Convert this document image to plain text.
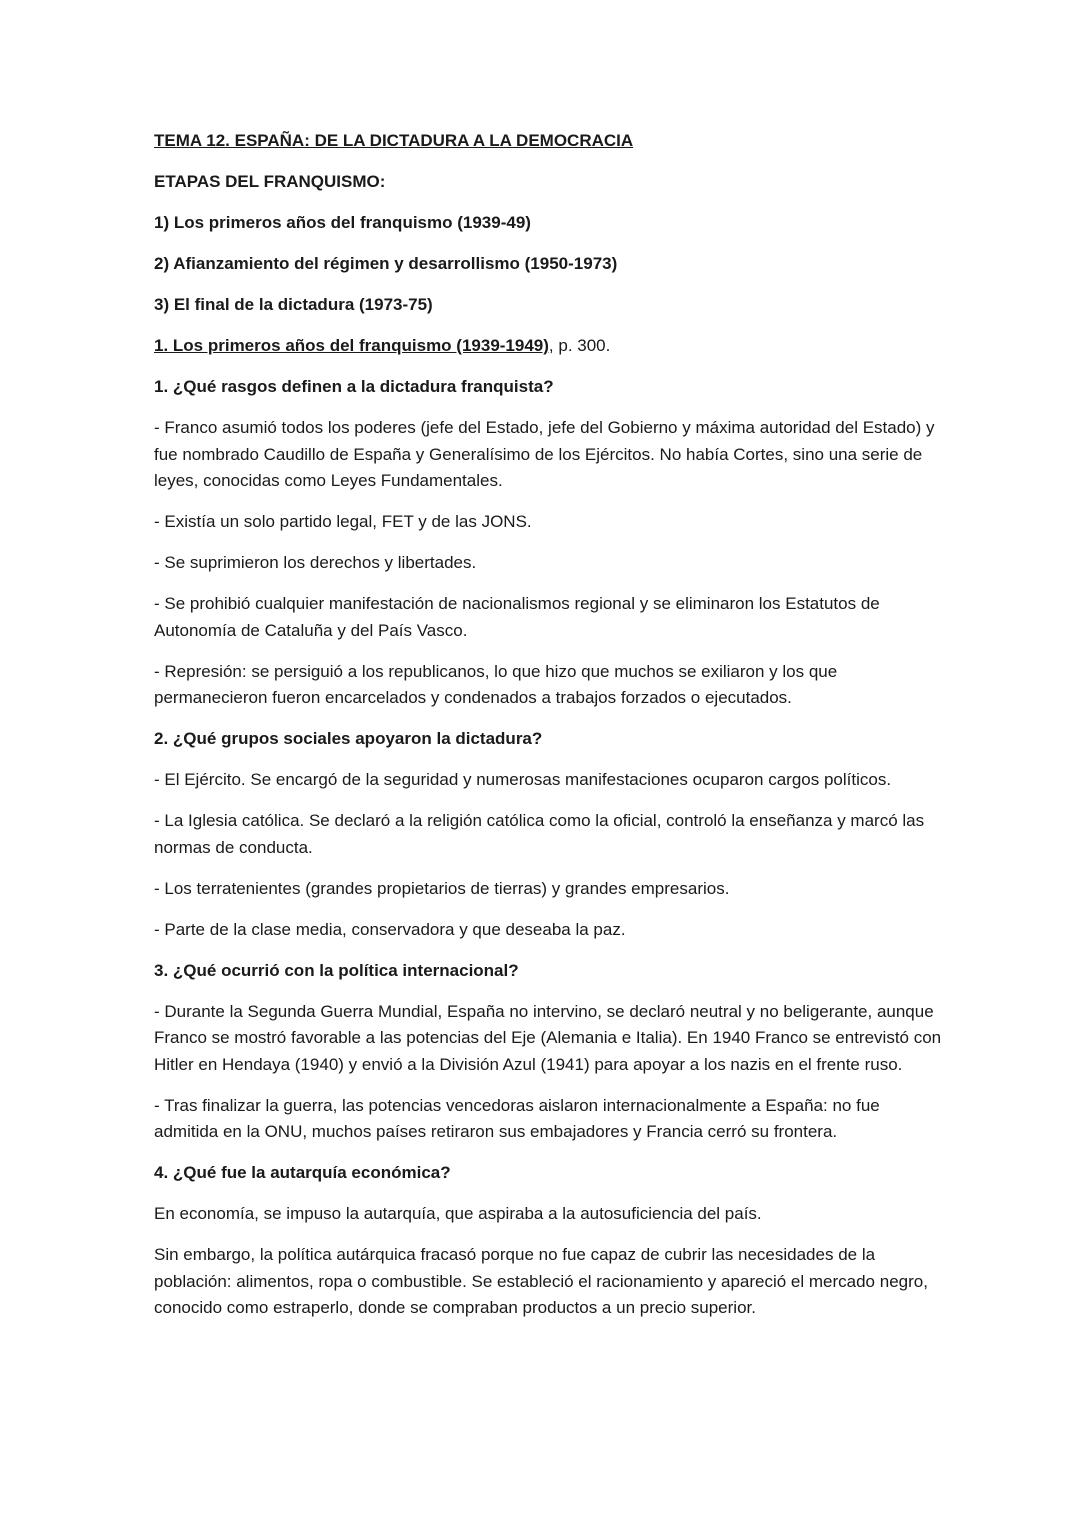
TEMA 12. ESPAÑA: DE LA DICTADURA A LA DEMOCRACIA

ETAPAS DEL FRANQUISMO:

1) Los primeros años del franquismo (1939-49)

2) Afianzamiento del régimen y desarrollismo (1950-1973)

3) El final de la dictadura (1973-75)

1. Los primeros años del franquismo (1939-1949), p. 300.

1. ¿Qué rasgos definen a la dictadura franquista?

- Franco asumió todos los poderes (jefe del Estado, jefe del Gobierno y máxima autoridad del Estado) y fue nombrado Caudillo de España y Generalísimo de los Ejércitos. No había Cortes, sino una serie de leyes, conocidas como Leyes Fundamentales.

- Existía un solo partido legal, FET y de las JONS.

- Se suprimieron los derechos y libertades.

- Se prohibió cualquier manifestación de nacionalismos regional y se eliminaron los Estatutos de Autonomía de Cataluña y del País Vasco.

- Represión: se persiguió a los republicanos, lo que hizo que muchos se exiliaron y los que permanecieron fueron encarcelados y condenados a trabajos forzados o ejecutados.

2. ¿Qué grupos sociales apoyaron la dictadura?

- El Ejército. Se encargó de la seguridad y numerosas manifestaciones ocuparon cargos políticos.

- La Iglesia católica. Se declaró a la religión católica como la oficial, controló la enseñanza y marcó las normas de conducta.

- Los terratenientes (grandes propietarios de tierras) y grandes empresarios.

- Parte de la clase media, conservadora y que deseaba la paz.

3. ¿Qué ocurrió con la política internacional?

- Durante la Segunda Guerra Mundial, España no intervino, se declaró neutral y no beligerante, aunque Franco se mostró favorable a las potencias del Eje (Alemania e Italia). En 1940 Franco se entrevistó con Hitler en Hendaya (1940) y envió a la División Azul (1941) para apoyar a los nazis en el frente ruso.

- Tras finalizar la guerra, las potencias vencedoras aislaron internacionalmente a España: no fue admitida en la ONU, muchos países retiraron sus embajadores y Francia cerró su frontera.

4. ¿Qué fue la autarquía económica?

En economía, se impuso la autarquía, que aspiraba a la autosuficiencia del país.

Sin embargo, la política autárquica fracasó porque no fue capaz de cubrir las necesidades de la población: alimentos, ropa o combustible. Se estableció el racionamiento y apareció el mercado negro, conocido como estraperlo, donde se compraban productos a un precio superior.
